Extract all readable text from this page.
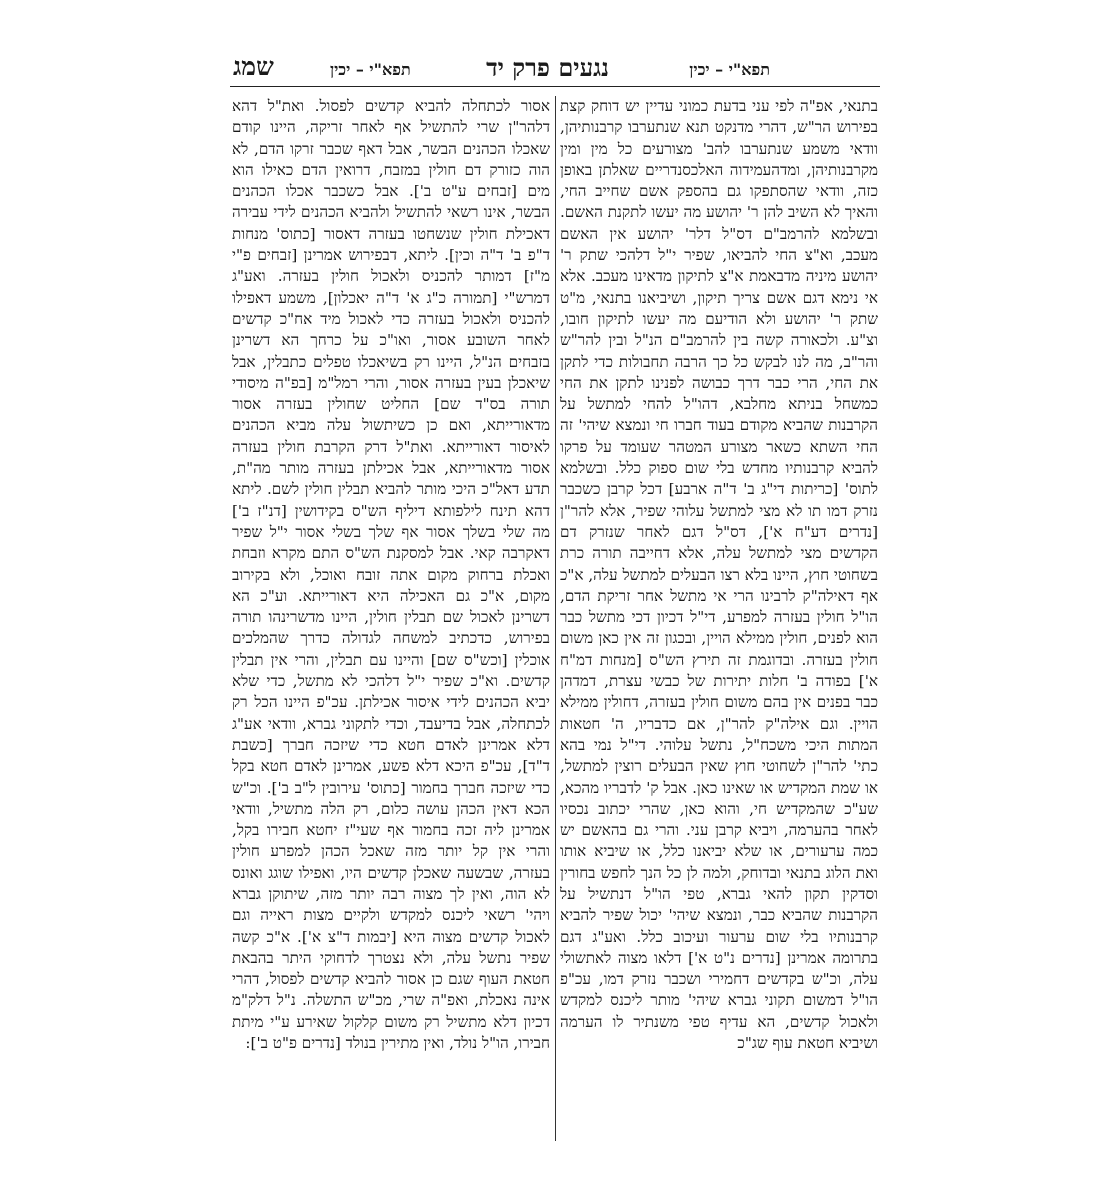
תפא"י – יכין
נגעים פרק יד
תפא"י – יכין
שמג
בתנאי, אפ"ה לפי עני בדעת כמוני עדיין יש דוחק קצת בפירוש הר"ש, דהרי מדנקט תנא שנתערבו קרבנותיהן, וודאי משמע שנתערבו להב' מצורעים כל מין ומין מקרבנותיהן, ומדהעמידוה האלכסנדריים שאלתן באופן כזה, וודאי שהסתפקו גם בהספק אשם שחייב החי, והאיך לא השיב להן ר' יהושע מה יעשו לתקנת האשם. ובשלמא להרמב"ם דס"ל דלר' יהושע אין האשם מעכב, וא"צ החי להביאו, שפיר י"ל דלהכי שתק ר' יהושע מיניה מדבאמת א"צ לתיקון מדאינו מעכב. אלא אי נימא דגם אשם צריך תיקון, ושיביאנו בתנאי, מ"ט שתק ר' יהושע ולא הודיעם מה יעשו לתיקון חובו, וצ"ע. ולכאורה קשה בין להרמב"ם הנ"ל ובין להר"ש והר"ב, מה לנו לבקש כל כך הרבה תחבולות כדי לתקן את החי, הרי כבר דרך כבושה לפנינו לתקן את החי כמשחל בניתא מחלבא, דהו"ל להחי למתשל על הקרבנות שהביא מקודם בעוד חברו חי ונמצא שיהי' זה החי השתא כשאר מצורע המטהר שעומד על פרקו להביא קרבנותיו מחדש בלי שום ספוק כלל. ובשלמא לתוס' [כריתות די"ג ב' ד"ה ארבע] דכל קרבן כשכבר נזרק דמו תו לא מצי למתשל עלוהי שפיר, אלא להר"ן [נדרים דע"ח א'], דס"ל דגם לאחר שנזרק דם הקדשים מצי למתשל עלה, אלא דחייבה תורה כרת בשחוטי חוץ, היינו בלא רצו הבעלים למתשל עלה, א"כ אף דאילה"ק לרבינו הרי אי מתשל אחר זריקת הדם, הו"ל חולין בעזרה למפרע, די"ל דכיון דכי מתשל כבר הוא לפנים, חולין ממילא הויין, ובכגון זה אין כאן משום חולין בעזרה. ובדוגמת זה תירץ הש"ס [מנחות דמ"ח א'] בפודה ב' חלות יתירות של כבשי עצרת, דמדהן כבר בפנים אין בהם משום חולין בעזרה, דחולין ממילא הויין. וגם אילה"ק להר"ן, אם כדבריו, ה' חטאות המתות היכי משכח"ל, נתשל עלוהי. די"ל נמי בהא כתי' להר"ן לשחוטי חוץ שאין הבעלים רוצין למתשל, או שמת המקדיש או שאינו כאן. אבל ק' לדבריו מהכא, שע"כ שהמקדיש חי, והוא כאן, שהרי יכתוב נכסיו לאחר בהערמה, ויביא קרבן עני. והרי גם בהאשם יש כמה ערעורים, או שלא יביאנו כלל, או שיביא אותו ואת הלוג בתנאי ובדוחק, ולמה לן כל הנך לחפש בחורין וסדקין תקון להאי גברא, טפי הו"ל דנתשיל על הקרבנות שהביא כבר, ונמצא שיהי' יכול שפיר להביא קרבנותיו בלי שום ערעור ועיכוב כלל. ואע"ג דגם בתרומה אמרינן [נדרים נ"ט א'] דלאו מצוה לאתשולי עלה, וכ"ש בקדשים דחמירי ושכבר נזרק דמו, עכ"פ הו"ל דמשום תקוני גברא שיהי' מותר ליכנס למקדש ולאכול קדשים, הא עדיף טפי משנתיר לו הערמה ושיביא חטאת עוף שג"כ
אסור לכתחלה להביא קדשים לפסול. ואת"ל דהא דלהר"ן שרי להתשיל אף לאחר זריקה, היינו קודם שאכלו הכהנים הבשר, אבל דאף שכבר זרקו הדם, לא הוה כזורק דם חולין במזבח, דרואין הדם כאילו הוא מים [זבחים ע"ט ב']. אבל כשכבר אכלו הכהנים הבשר, אינו רשאי להתשיל ולהביא הכהנים לידי עבירה דאכילת חולין שנשחטו בעזרה דאסור [כתוס' מנחות ד"פ ב' ד"ה וכין]. ליתא, דבפירוש אמרינן [זבחים פ"י מ"ז] דמותר להכניס ולאכול חולין בעזרה. ואע"ג דמרש"י [תמורה כ"ג א' ד"ה יאכלון], משמע דאפילו להכניס ולאכול בעזרה כדי לאכול מיד אח"כ קדשים לאחר השובע אסור, ואו"כ על כרחך הא דשרינן בזבחים הנ"ל, היינו רק בשיאכלו טפלים כתבלין, אבל שיאכלן בעין בעזרה אסור, והרי רמל"מ [בפ"ה מיסודי תורה בס"ד שם] החליט שחולין בעזרה אסור מדאורייתא, ואם כן כשיתשול עלה מביא הכהנים לאיסור דאורייתא. ואת"ל דרק הקרבת חולין בעזרה אסור מדאורייתא, אבל אכילתן בעזרה מותר מה"ת, תדע דאל"כ היכי מותר להביא תבלין חולין לשם. ליתא דהא תינח לילפותא דיליף הש"ס בקידושין [דנ"ז ב'] מה שלי בשלך אסור אף שלך בשלי אסור י"ל שפיר דאקרבה קאי. אבל למסקנת הש"ס התם מקרא וזבחת ואכלת ברחוק מקום אתה זובח ואוכל, ולא בקירוב מקום, א"כ גם האכילה היא דאורייתא. וע"כ הא דשרינן לאכול שם תבלין חולין, היינו מדשרינהו תורה בפירוש, כדכתיב למשחה לגדולה כדרך שהמלכים אוכלין [וכש"ס שם] והיינו עם תבלין, והרי אין תבלין קדשים. וא"כ שפיר י"ל דלהכי לא מתשל, כדי שלא יביא הכהנים לידי איסור אכילתן. עכ"פ היינו הכל רק לכתחלה, אבל בדיעבד, וכדי לתקוני גברא, וודאי אע"ג דלא אמרינן לאדם חטא כדי שיזכה חברך [כשבת ד"ד], עכ"פ היכא דלא פשע, אמרינן לאדם חטא בקל כדי שיזכה חברך בחמור [כתוס' עירובין ל"ב ב']. וכ"ש הכא דאין הכהן עושה כלום, רק הלה מתשיל, וודאי אמרינן ליה זכה בחמור אף שעי"ז יחטא חבירו בקל, והרי אין קל יותר מזה שאכל הכהן למפרע חולין בעזרה, שבשעה שאכלן קדשים היו, ואפילו שוגג ואונס לא הוה, ואין לך מצוה רבה יותר מזה, שיתוקן גברא ויהי' רשאי ליכנס למקדש ולקיים מצות ראייה וגם לאכול קדשים מצוה היא [יבמות ד"צ א']. א"כ קשה שפיר נתשל עלה, ולא נצטרך לדחוקי היתר בהבאת חטאת העוף שגם כן אסור להביא קדשים לפסול, דהרי אינה נאכלת, ואפ"ה שרי, מכ"ש התשלה. נ"ל דלק"מ דכיון דלא מתשיל רק משום קלקול שאירע ע"י מיתת חבירו, הו"ל נולד, ואין מתירין בנולד [נדרים פ"ט ב']:
